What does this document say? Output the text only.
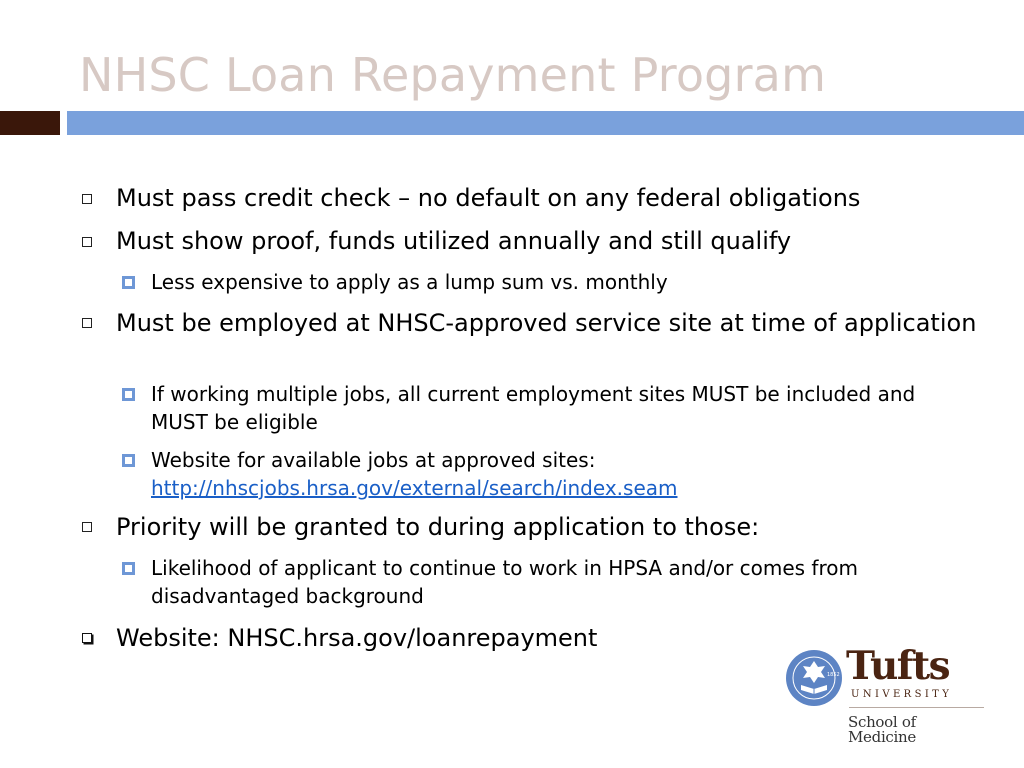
NHSC Loan Repayment Program
Must pass credit check – no default on any federal obligations
Must show proof, funds utilized annually and still qualify
Less expensive to apply as a lump sum vs. monthly
Must be employed at NHSC-approved service site at time of application
If working multiple jobs, all current employment sites MUST be included and MUST be eligible
Website for available jobs at approved sites:
http://nhscjobs.hrsa.gov/external/search/index.seam
Priority will be granted to during application to those:
Likelihood of applicant to continue to work in HPSA and/or comes from disadvantaged background
Website: NHSC.hrsa.gov/loanrepayment
1852 Tufts
UNIVERSITY
School of Medicine
